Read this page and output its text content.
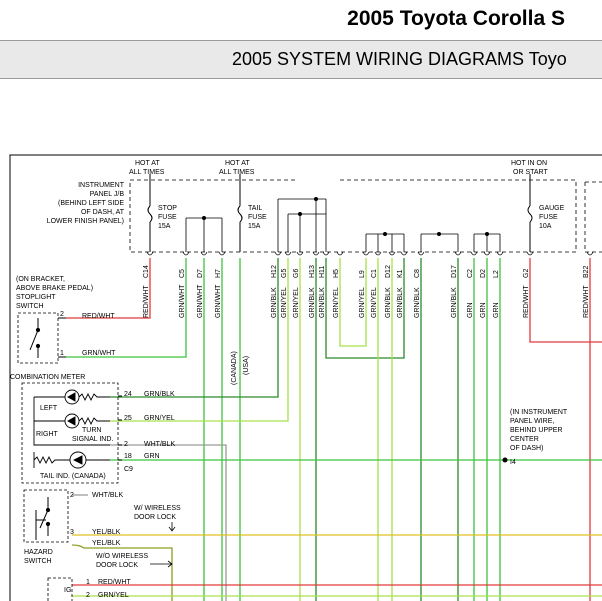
2005 Toyota Corolla S
2005 SYSTEM WIRING DIAGRAMS Toyo
HOT AT
ALL TIMES
HOT AT
ALL TIMES
HOT IN ON
OR START
INSTRUMENT
PANEL J/B
(BEHIND LEFT SIDE
OF DASH, AT
LOWER FINISH PANEL)
STOP
FUSE
15A
TAIL
FUSE
15A
GAUGE
FUSE
10A
C14
RED/WHT
C5
GRN/WHT
D7
GRN/WHT
H7
GRN/WHT
H12
GRN/BLK
G5
GRN/YEL
G6
GRN/YEL
H13
GRN/BLK
H11
GRN/BLK
H5
GRN/YEL
L9
GRN/YEL
C1
GRN/YEL
D12
GRN/BLK
K1
GRN/BLK
C8
GRN/BLK
D17
GRN/BLK
C2
GRN
D2
GRN
L2
GRN
G2
RED/WHT
B22
RED/WHT
(CANADA) (USA)
(ON BRACKET,
ABOVE BRAKE PEDAL)
STOPLIGHT
SWITCH
2	RED/WHT
1	GRN/WHT
COMBINATION METER
LEFT
RIGHT
TURN
SIGNAL IND.
TAIL IND. (CANADA)
24 GRN/BLK
25 GRN/YEL
2 WHT/BLK
18 GRN
C9
(IN INSTRUMENT
PANEL WIRE,
BEHIND UPPER
CENTER
OF DASH)
I4
2	WHT/BLK
3	YEL/BLK
YEL/BLK
W/ WIRELESS
DOOR LOCK
W/O WIRELESS
DOOR LOCK
HAZARD
SWITCH
IG
1 RED/WHT
2 GRN/YEL
